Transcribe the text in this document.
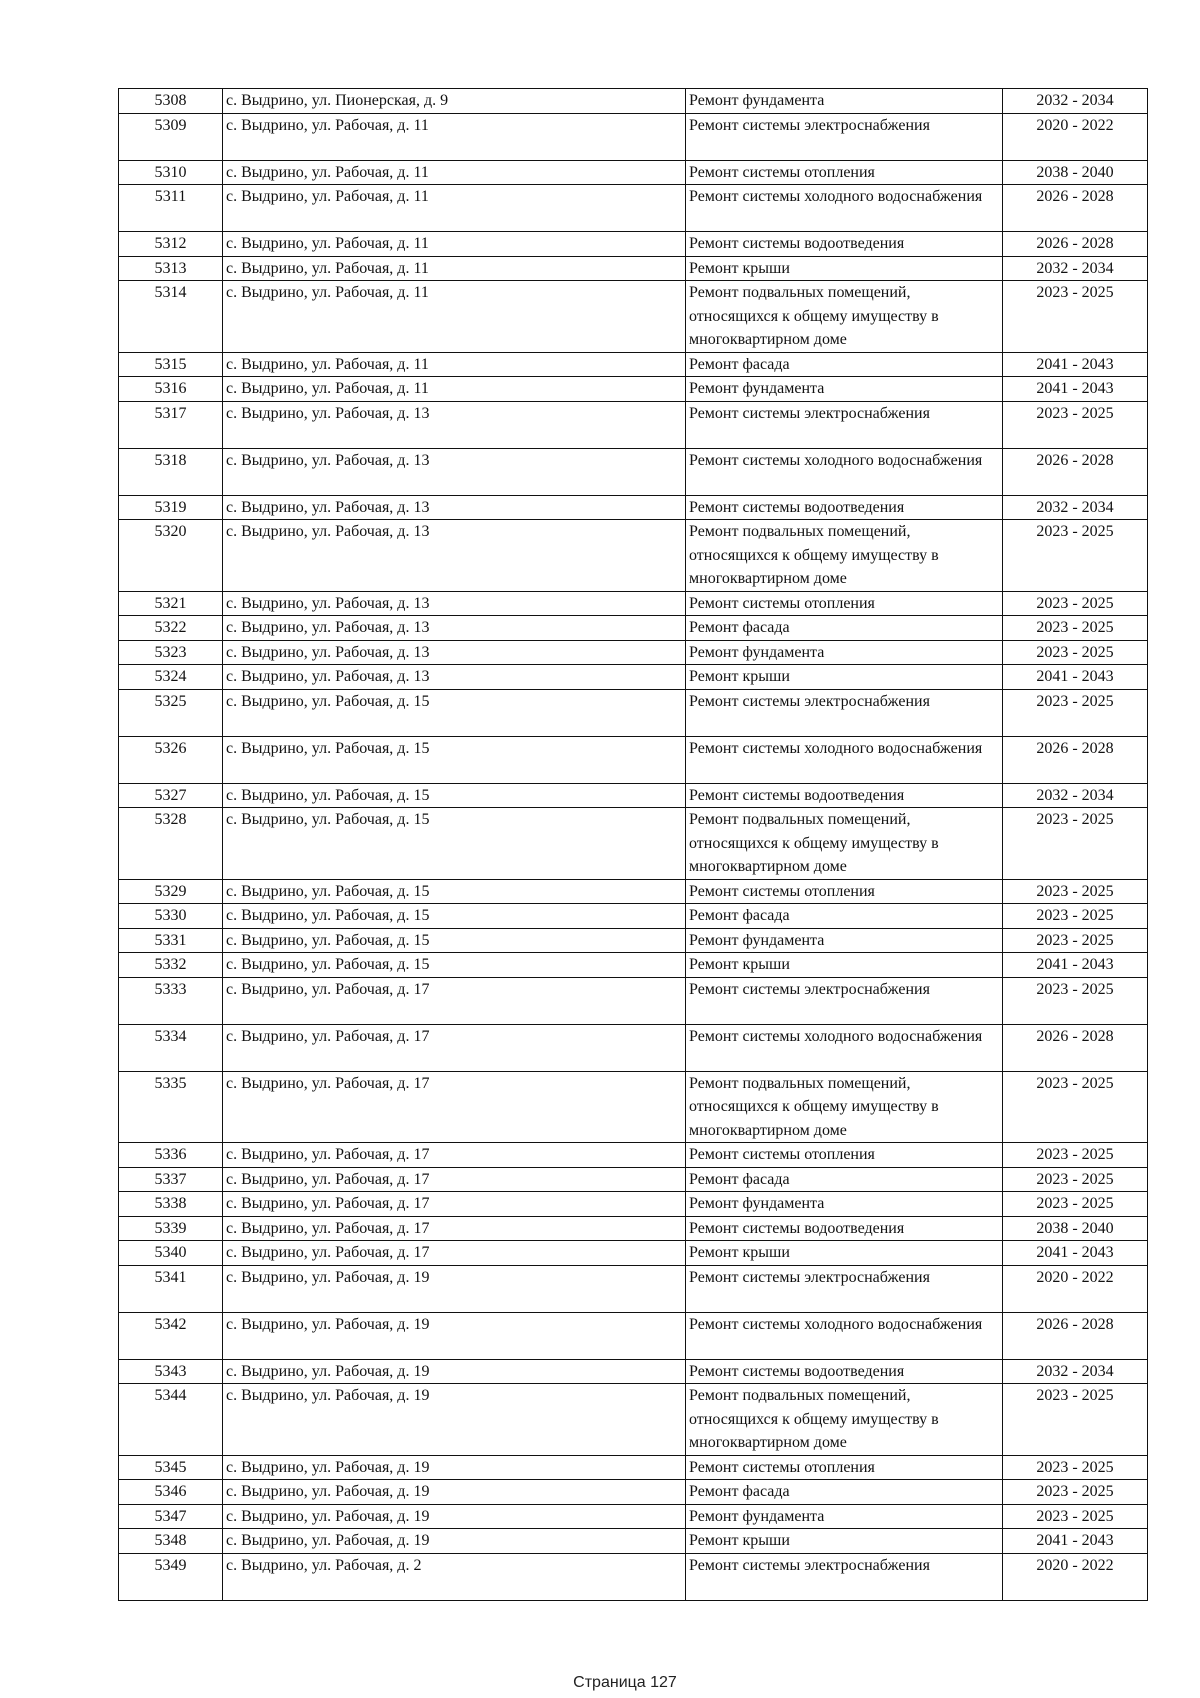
5308	с. Выдрино, ул. Пионерская, д. 9	Ремонт фундамента	2032 - 2034
5309	с. Выдрино, ул. Рабочая, д. 11	Ремонт системы электроснабжения	2020 - 2022
5310	с. Выдрино, ул. Рабочая, д. 11	Ремонт системы отопления	2038 - 2040
5311	с. Выдрино, ул. Рабочая, д. 11	Ремонт системы холодного водоснабжения	2026 - 2028
5312	с. Выдрино, ул. Рабочая, д. 11	Ремонт системы водоотведения	2026 - 2028
5313	с. Выдрино, ул. Рабочая, д. 11	Ремонт крыши	2032 - 2034
5314	с. Выдрино, ул. Рабочая, д. 11	Ремонт подвальных помещений, относящихся к общему имуществу в многоквартирном доме	2023 - 2025
5315	с. Выдрино, ул. Рабочая, д. 11	Ремонт фасада	2041 - 2043
5316	с. Выдрино, ул. Рабочая, д. 11	Ремонт фундамента	2041 - 2043
5317	с. Выдрино, ул. Рабочая, д. 13	Ремонт системы электроснабжения	2023 - 2025
5318	с. Выдрино, ул. Рабочая, д. 13	Ремонт системы холодного водоснабжения	2026 - 2028
5319	с. Выдрино, ул. Рабочая, д. 13	Ремонт системы водоотведения	2032 - 2034
5320	с. Выдрино, ул. Рабочая, д. 13	Ремонт подвальных помещений, относящихся к общему имуществу в многоквартирном доме	2023 - 2025
5321	с. Выдрино, ул. Рабочая, д. 13	Ремонт системы отопления	2023 - 2025
5322	с. Выдрино, ул. Рабочая, д. 13	Ремонт фасада	2023 - 2025
5323	с. Выдрино, ул. Рабочая, д. 13	Ремонт фундамента	2023 - 2025
5324	с. Выдрино, ул. Рабочая, д. 13	Ремонт крыши	2041 - 2043
5325	с. Выдрино, ул. Рабочая, д. 15	Ремонт системы электроснабжения	2023 - 2025
5326	с. Выдрино, ул. Рабочая, д. 15	Ремонт системы холодного водоснабжения	2026 - 2028
5327	с. Выдрино, ул. Рабочая, д. 15	Ремонт системы водоотведения	2032 - 2034
5328	с. Выдрино, ул. Рабочая, д. 15	Ремонт подвальных помещений, относящихся к общему имуществу в многоквартирном доме	2023 - 2025
5329	с. Выдрино, ул. Рабочая, д. 15	Ремонт системы отопления	2023 - 2025
5330	с. Выдрино, ул. Рабочая, д. 15	Ремонт фасада	2023 - 2025
5331	с. Выдрино, ул. Рабочая, д. 15	Ремонт фундамента	2023 - 2025
5332	с. Выдрино, ул. Рабочая, д. 15	Ремонт крыши	2041 - 2043
5333	с. Выдрино, ул. Рабочая, д. 17	Ремонт системы электроснабжения	2023 - 2025
5334	с. Выдрино, ул. Рабочая, д. 17	Ремонт системы холодного водоснабжения	2026 - 2028
5335	с. Выдрино, ул. Рабочая, д. 17	Ремонт подвальных помещений, относящихся к общему имуществу в многоквартирном доме	2023 - 2025
5336	с. Выдрино, ул. Рабочая, д. 17	Ремонт системы отопления	2023 - 2025
5337	с. Выдрино, ул. Рабочая, д. 17	Ремонт фасада	2023 - 2025
5338	с. Выдрино, ул. Рабочая, д. 17	Ремонт фундамента	2023 - 2025
5339	с. Выдрино, ул. Рабочая, д. 17	Ремонт системы водоотведения	2038 - 2040
5340	с. Выдрино, ул. Рабочая, д. 17	Ремонт крыши	2041 - 2043
5341	с. Выдрино, ул. Рабочая, д. 19	Ремонт системы электроснабжения	2020 - 2022
5342	с. Выдрино, ул. Рабочая, д. 19	Ремонт системы холодного водоснабжения	2026 - 2028
5343	с. Выдрино, ул. Рабочая, д. 19	Ремонт системы водоотведения	2032 - 2034
5344	с. Выдрино, ул. Рабочая, д. 19	Ремонт подвальных помещений, относящихся к общему имуществу в многоквартирном доме	2023 - 2025
5345	с. Выдрино, ул. Рабочая, д. 19	Ремонт системы отопления	2023 - 2025
5346	с. Выдрино, ул. Рабочая, д. 19	Ремонт фасада	2023 - 2025
5347	с. Выдрино, ул. Рабочая, д. 19	Ремонт фундамента	2023 - 2025
5348	с. Выдрино, ул. Рабочая, д. 19	Ремонт крыши	2041 - 2043
5349	с. Выдрино, ул. Рабочая, д. 2	Ремонт системы электроснабжения	2020 - 2022
Страница 127
